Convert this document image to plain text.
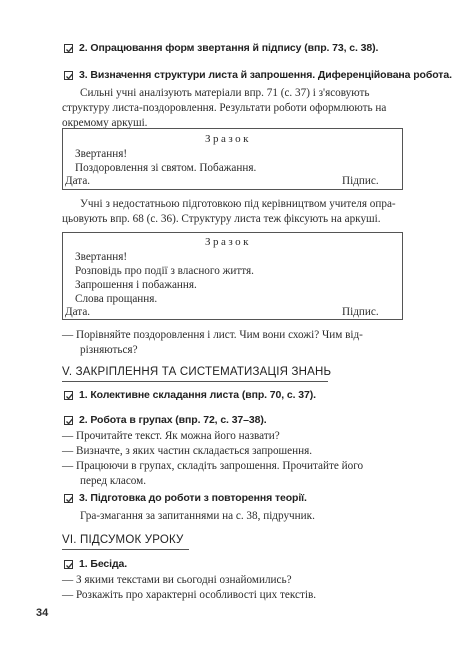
2. Опрацювання форм звертання й підпису (впр. 73, с. 38).
3. Визначення структури листа й запрошення. Диференційована робота.
Сильні учні аналізують матеріали впр. 71 (с. 37) і з'ясовують
структуру листа-поздоровлення. Результати роботи оформлюють на
окремому аркуші.
Зразок
Звертання!
Поздоровлення зі святом. Побажання.
Дата.	Підпис.
Учні з недостатньою підготовкою під керівництвом учителя опра-
цьовують впр. 68 (с. 36). Структуру листа теж фіксують на аркуші.
Зразок
Звертання!
Розповідь про події з власного життя.
Запрошення і побажання.
Слова прощання.
Дата.	Підпис.
— Порівняйте поздоровлення і лист. Чим вони схожі? Чим від-
різняються?
V. ЗАКРІПЛЕННЯ ТА СИСТЕМАТИЗАЦІЯ ЗНАНЬ
1. Колективне складання листа (впр. 70, с. 37).
2. Робота в групах (впр. 72, с. 37–38).
— Прочитайте текст. Як можна його назвати?
— Визначте, з яких частин складається запрошення.
— Працюючи в групах, складіть запрошення. Прочитайте його
перед класом.
3. Підготовка до роботи з повторення теорії.
Гра-змагання за запитаннями на с. 38, підручник.
VI. ПІДСУМОК УРОКУ
1. Бесіда.
— З якими текстами ви сьогодні ознайомились?
— Розкажіть про характерні особливості цих текстів.
34
